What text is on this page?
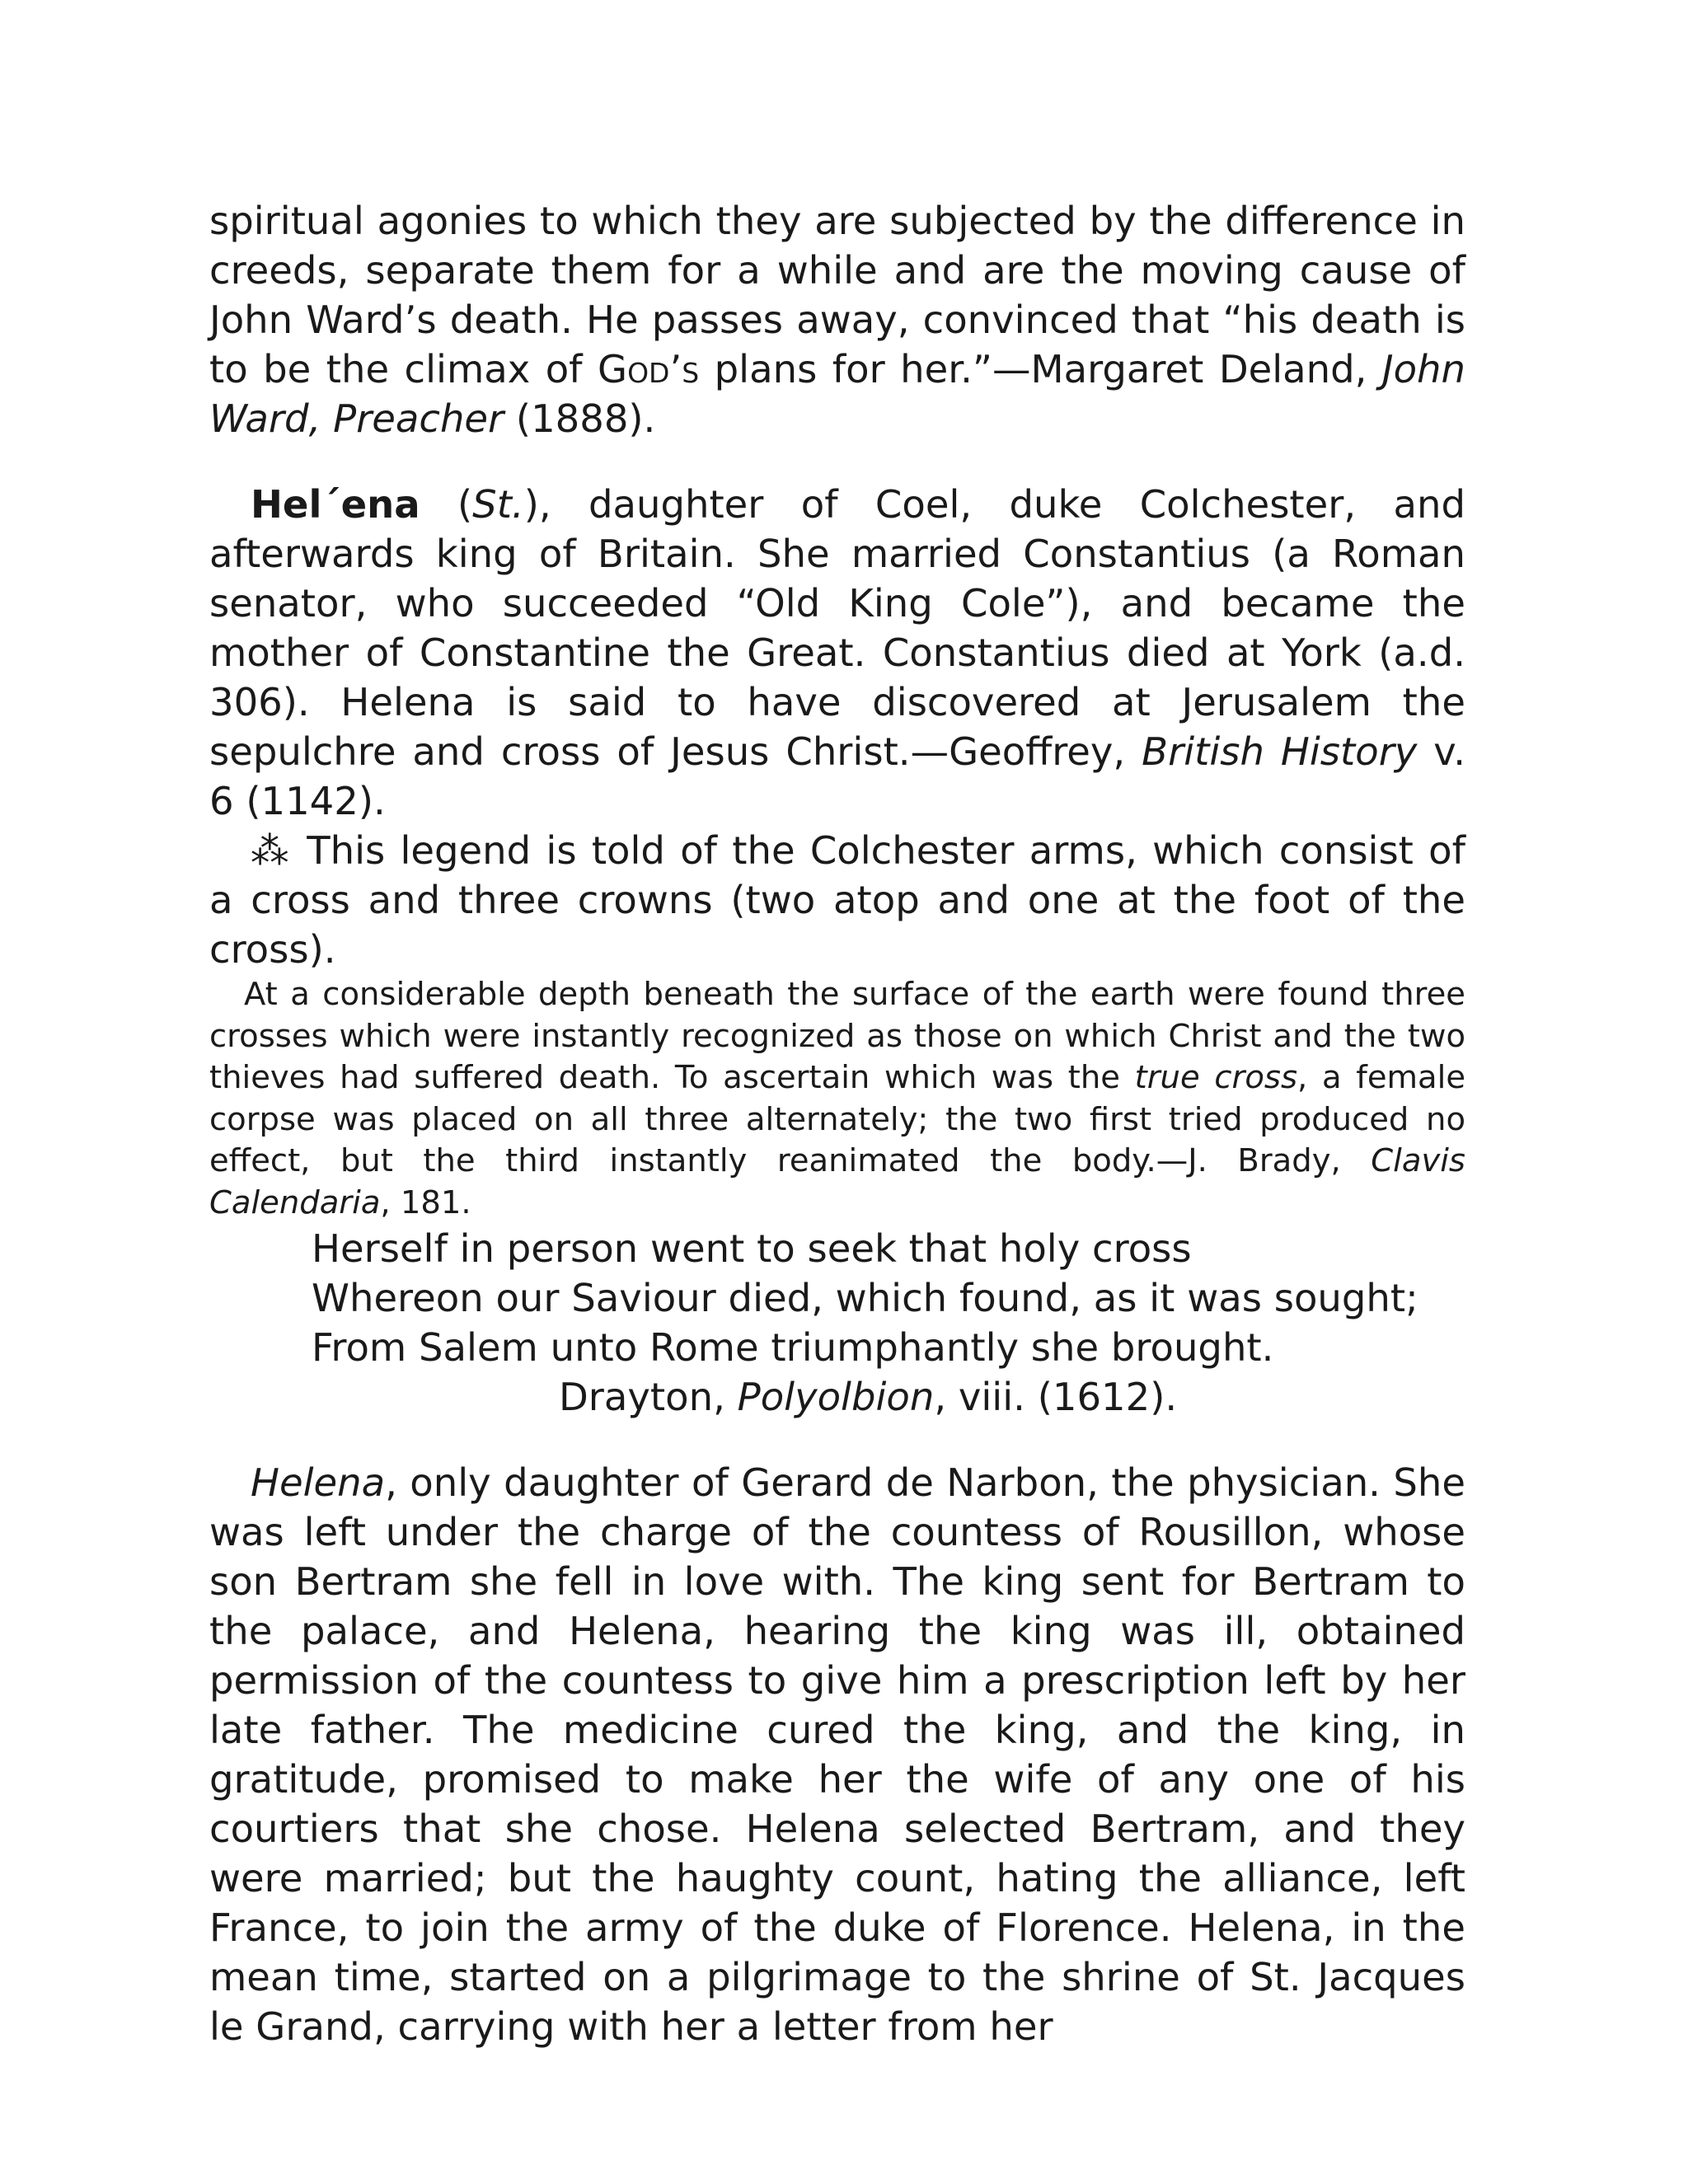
spiritual agonies to which they are subjected by the difference in creeds, separate them for a while and are the moving cause of John Ward’s death. He passes away, convinced that “his death is to be the climax of God’s plans for her.”—Margaret Deland, John Ward, Preacher (1888).

Hel´ena (St.), daughter of Coel, duke Colchester, and afterwards king of Britain. She married Constantius (a Roman senator, who succeeded “Old King Cole”), and became the mother of Constantine the Great. Constantius died at York (a.d. 306). Helena is said to have discovered at Jerusalem the sepulchre and cross of Jesus Christ.—Geoffrey, British History v. 6 (1142).

⁂ This legend is told of the Colchester arms, which consist of a cross and three crowns (two atop and one at the foot of the cross).

At a considerable depth beneath the surface of the earth were found three crosses which were instantly recognized as those on which Christ and the two thieves had suffered death. To ascertain which was the true cross, a female corpse was placed on all three alternately; the two first tried produced no effect, but the third instantly reanimated the body.—J. Brady, Clavis Calendaria, 181.

Herself in person went to seek that holy cross
Whereon our Saviour died, which found, as it was sought;
From Salem unto Rome triumphantly she brought.
Drayton, Polyolbion, viii. (1612).

Helena, only daughter of Gerard de Narbon, the physician. She was left under the charge of the countess of Rousillon, whose son Bertram she fell in love with. The king sent for Bertram to the palace, and Helena, hearing the king was ill, obtained permission of the countess to give him a prescription left by her late father. The medicine cured the king, and the king, in gratitude, promised to make her the wife of any one of his courtiers that she chose. Helena selected Bertram, and they were married; but the haughty count, hating the alliance, left France, to join the army of the duke of Florence. Helena, in the mean time, started on a pilgrimage to the shrine of St. Jacques le Grand, carrying with her a letter from her
